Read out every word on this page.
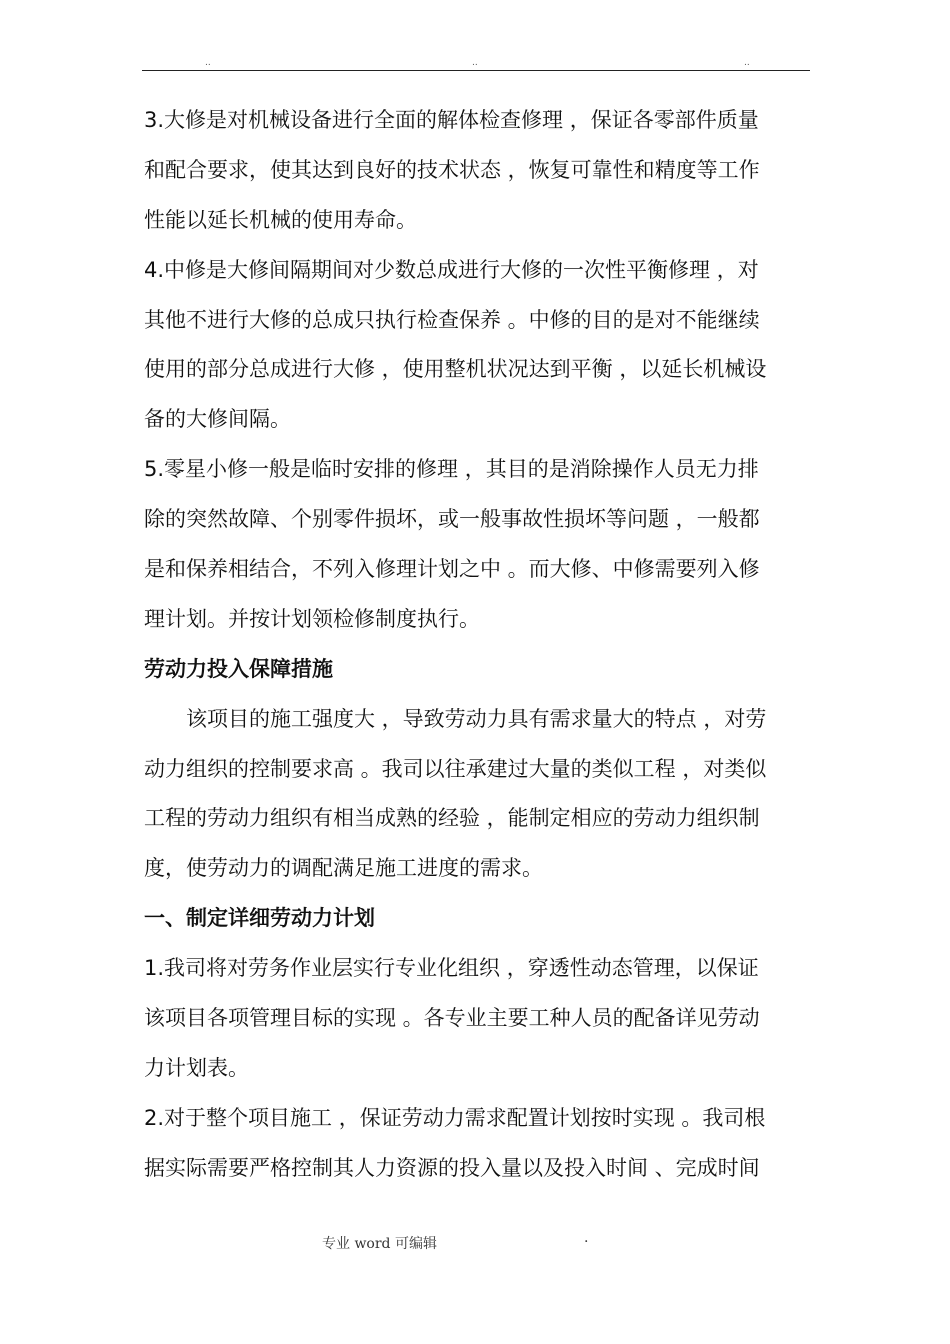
..	..	..
3.大修是对机械设备进行全面的解体检查修理 ，保证各零部件质量
和配合要求，使其达到良好的技术状态 ，恢复可靠性和精度等工作
性能以延长机械的使用寿命。
4.中修是大修间隔期间对少数总成进行大修的一次性平衡修理 ，对
其他不进行大修的总成只执行检查保养 。中修的目的是对不能继续
使用的部分总成进行大修 ，使用整机状况达到平衡 ，以延长机械设
备的大修间隔。
5.零星小修一般是临时安排的修理 ，其目的是消除操作人员无力排
除的突然故障、个别零件损坏，或一般事故性损坏等问题 ，一般都
是和保养相结合，不列入修理计划之中 。而大修、中修需要列入修
理计划。并按计划领检修制度执行。
劳动力投入保障措施
该项目的施工强度大 ，导致劳动力具有需求量大的特点 ，对劳
动力组织的控制要求高 。我司以往承建过大量的类似工程 ，对类似
工程的劳动力组织有相当成熟的经验 ，能制定相应的劳动力组织制
度，使劳动力的调配满足施工进度的需求。
一、制定详细劳动力计划
1.我司将对劳务作业层实行专业化组织 ，穿透性动态管理，以保证
该项目各项管理目标的实现 。各专业主要工种人员的配备详见劳动
力计划表。
2.对于整个项目施工 ，保证劳动力需求配置计划按时实现 。我司根
据实际需要严格控制其人力资源的投入量以及投入时间 、完成时间
专业 word 可编辑	.
